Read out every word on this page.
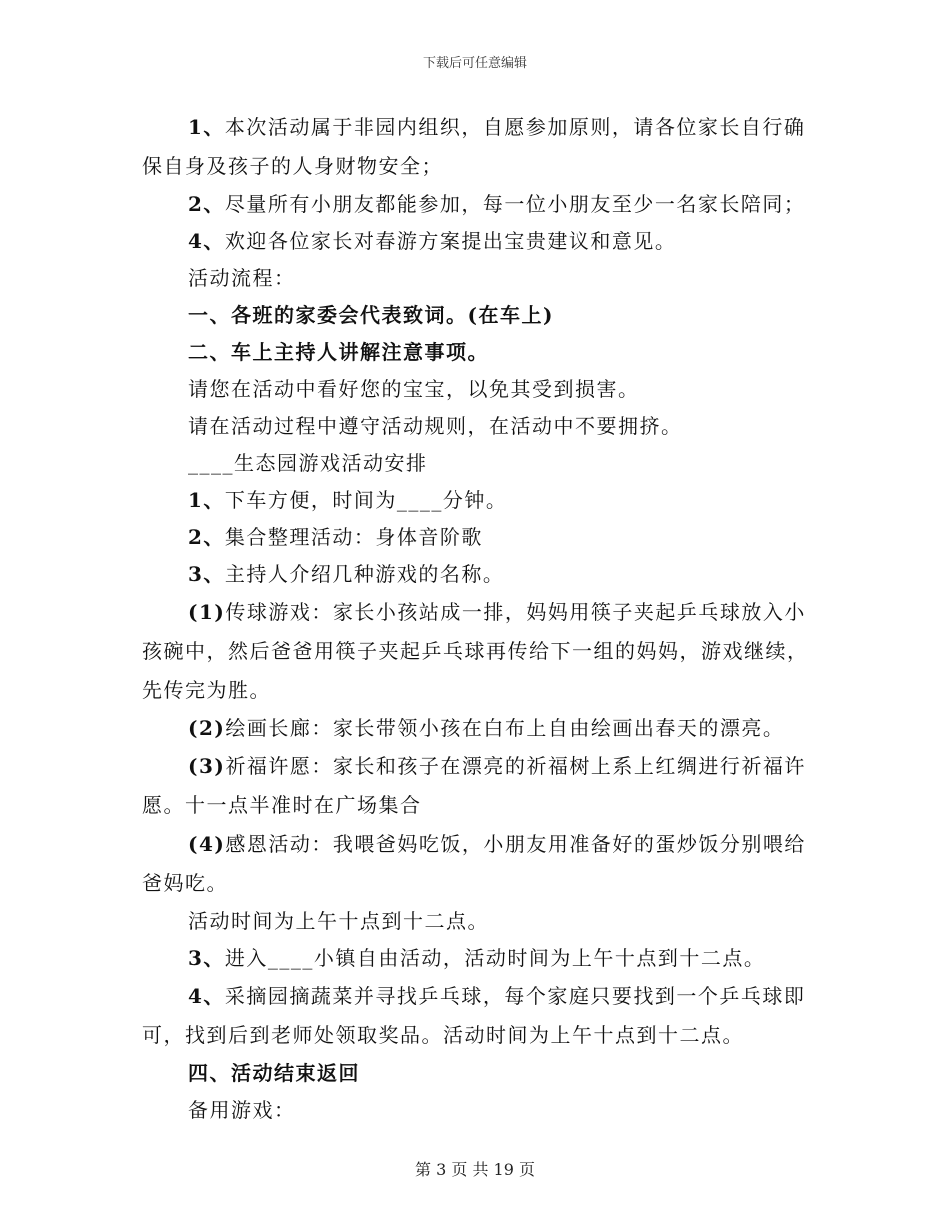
下载后可任意编辑

1、本次活动属于非园内组织，自愿参加原则，请各位家长自行确保自身及孩子的人身财物安全；

2、尽量所有小朋友都能参加，每一位小朋友至少一名家长陪同；

4、欢迎各位家长对春游方案提出宝贵建议和意见。

活动流程：

一、各班的家委会代表致词。(在车上)

二、车上主持人讲解注意事项。

请您在活动中看好您的宝宝，以免其受到损害。

请在活动过程中遵守活动规则，在活动中不要拥挤。

____生态园游戏活动安排

1、下车方便，时间为____分钟。

2、集合整理活动：身体音阶歌

3、主持人介绍几种游戏的名称。

(1)传球游戏：家长小孩站成一排，妈妈用筷子夹起乒乓球放入小孩碗中，然后爸爸用筷子夹起乒乓球再传给下一组的妈妈，游戏继续，先传完为胜。

(2)绘画长廊：家长带领小孩在白布上自由绘画出春天的漂亮。

(3)祈福许愿：家长和孩子在漂亮的祈福树上系上红绸进行祈福许愿。十一点半准时在广场集合

(4)感恩活动：我喂爸妈吃饭，小朋友用准备好的蛋炒饭分别喂给爸妈吃。

活动时间为上午十点到十二点。

3、进入____小镇自由活动，活动时间为上午十点到十二点。

4、采摘园摘蔬菜并寻找乒乓球，每个家庭只要找到一个乒乓球即可，找到后到老师处领取奖品。活动时间为上午十点到十二点。

四、活动结束返回

备用游戏：

第 3 页 共 19 页
